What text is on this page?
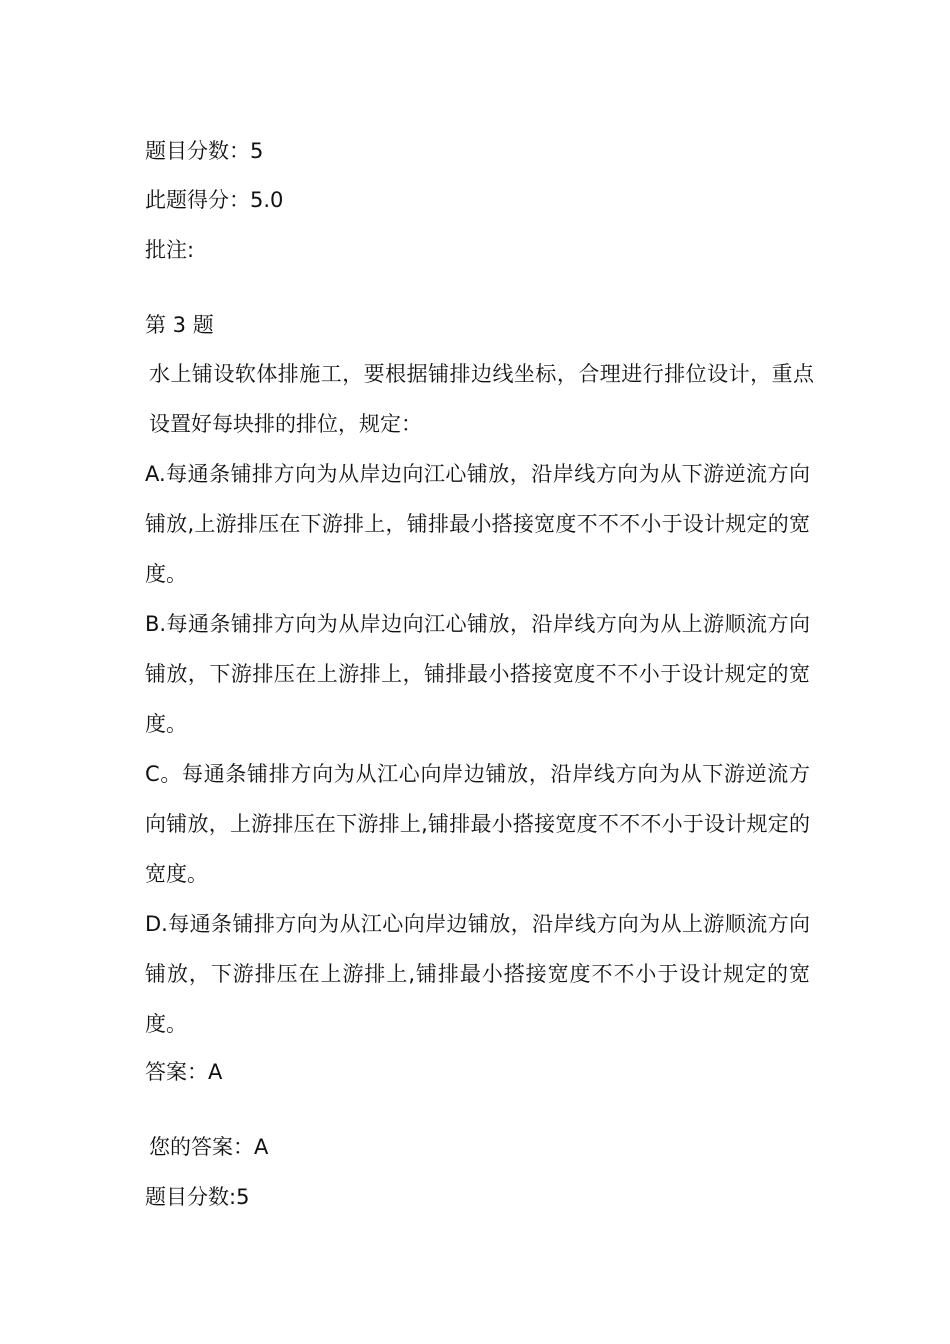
题目分数：5
此题得分：5.0
批注:
第 3 题
水上铺设软体排施工，要根据铺排边线坐标，合理进行排位设计，重点设置好每块排的排位，规定：
A.每通条铺排方向为从岸边向江心铺放，沿岸线方向为从下游逆流方向铺放,上游排压在下游排上，铺排最小搭接宽度不不不小于设计规定的宽度。
B.每通条铺排方向为从岸边向江心铺放，沿岸线方向为从上游顺流方向铺放，下游排压在上游排上，铺排最小搭接宽度不不小于设计规定的宽度。
C。每通条铺排方向为从江心向岸边铺放，沿岸线方向为从下游逆流方向铺放，上游排压在下游排上,铺排最小搭接宽度不不不小于设计规定的宽度。
D.每通条铺排方向为从江心向岸边铺放，沿岸线方向为从上游顺流方向铺放，下游排压在上游排上,铺排最小搭接宽度不不小于设计规定的宽度。
答案：A
您的答案：A
题目分数:5
